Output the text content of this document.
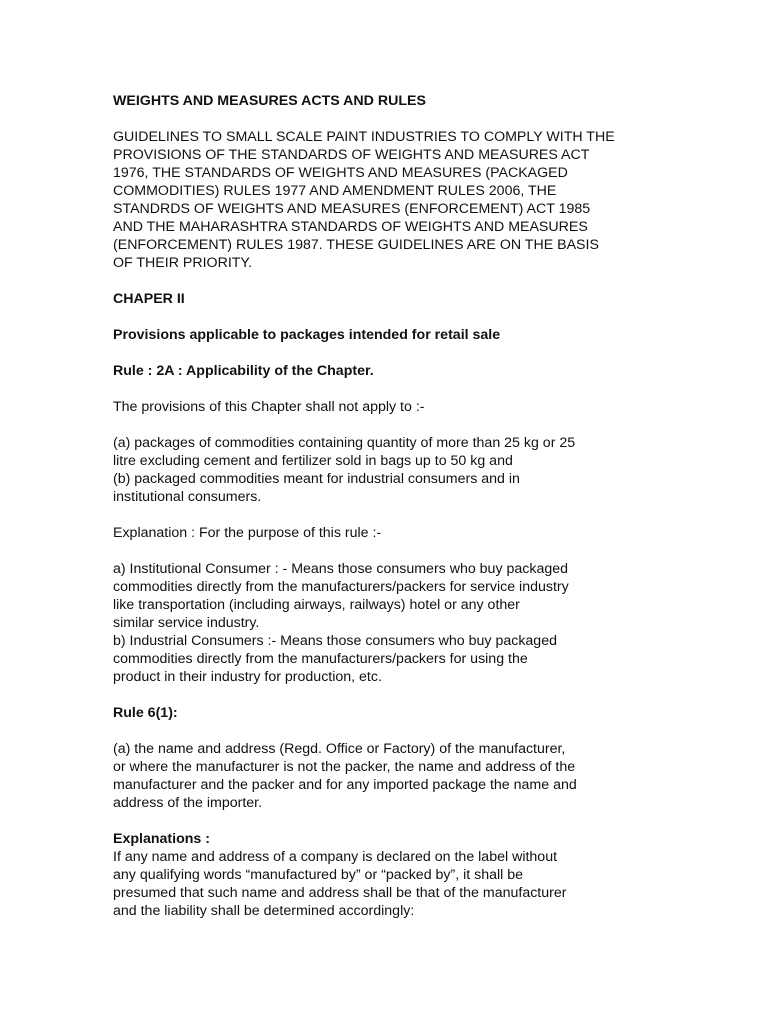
WEIGHTS AND MEASURES ACTS AND RULES

GUIDELINES TO SMALL SCALE PAINT INDUSTRIES TO COMPLY WITH THE

PROVISIONS OF THE STANDARDS OF WEIGHTS AND MEASURES ACT

1976, THE STANDARDS OF WEIGHTS AND MEASURES (PACKAGED

COMMODITIES) RULES 1977 AND AMENDMENT RULES 2006, THE

STANDRDS OF WEIGHTS AND MEASURES (ENFORCEMENT) ACT 1985

AND THE MAHARASHTRA STANDARDS OF WEIGHTS AND MEASURES

(ENFORCEMENT) RULES 1987. THESE GUIDELINES ARE ON THE BASIS

OF THEIR PRIORITY.

CHAPER II

Provisions applicable to packages intended for retail sale

Rule : 2A : Applicability of the Chapter.

The provisions of this Chapter shall not apply to :-

(a) packages of commodities containing quantity of more than 25 kg or 25

litre excluding cement and fertilizer sold in bags up to 50 kg and

(b) packaged commodities meant for industrial consumers and in

institutional consumers.

Explanation : For the purpose of this rule :-

a) Institutional Consumer : - Means those consumers who buy packaged

commodities directly from the manufacturers/packers for service industry

like transportation (including airways, railways) hotel or any other

similar service industry.

b) Industrial Consumers :- Means those consumers who buy packaged

commodities directly from the manufacturers/packers for using the

product in their industry for production, etc.

Rule 6(1):

(a) the name and address (Regd. Office or Factory) of the manufacturer,

or where the manufacturer is not the packer, the name and address of the

manufacturer and the packer and for any imported package the name and

address of the importer.

Explanations :

If any name and address of a company is declared on the label without

any qualifying words “manufactured by” or “packed by”, it shall be

presumed that such name and address shall be that of the manufacturer

and the liability shall be determined accordingly:
